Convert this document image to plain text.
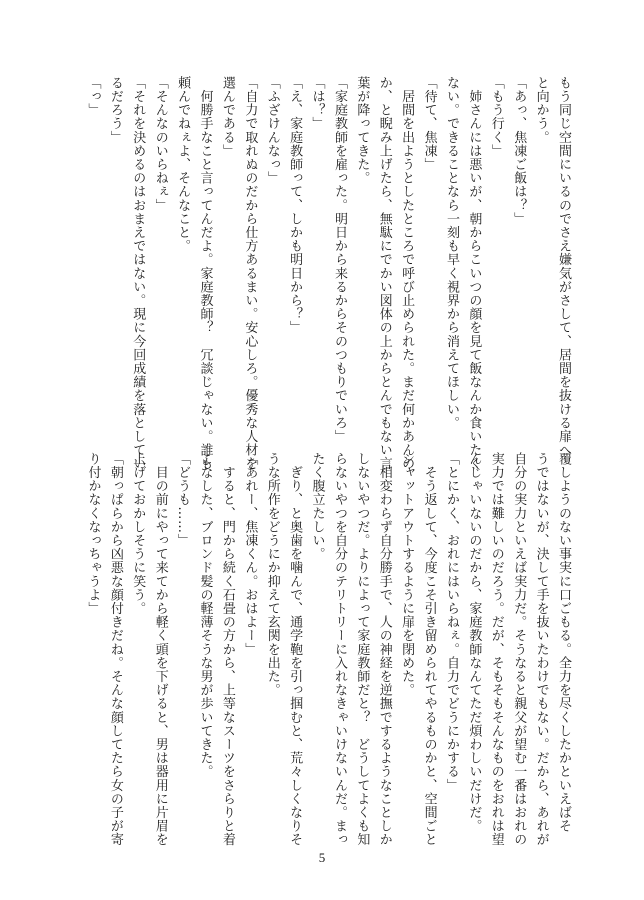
もう同じ空間にいるのでさえ嫌気がさして、居間を抜ける扉へ
と向かう。
「あっ、焦凍ご飯は？」
「もう行く」
　姉さんには悪いが、朝からこいつの顔を見て飯なんか食いたく
ない。できることなら一刻も早く視界から消えてほしい。
「待て、焦凍」
　居間を出ようとしたところで呼び止められた。まだ何かあんの
か、と睨み上げたら、無駄にでかい図体の上からとんでもない言
葉が降ってきた。
「家庭教師を雇った。明日から来るからそのつもりでいろ」
「は？」
「え、家庭教師って、しかも明日から？」
「ふざけんなっ」
「自力で取れぬのだから仕方あるまい。安心しろ。優秀な人材を
選んである」
　何勝手なこと言ってんだよ。家庭教師？　冗談じゃない。誰も
頼んでねぇよ、そんなこと。
「そんなのいらねぇ」
「それを決めるのはおまえではない。現に今回成績を落としてい
るだろう」
「っ」
覆しようのない事実に口ごもる。全力を尽くしたかといえばそ
うではないが、決して手を抜いたわけでもない。だから、あれが
自分の実力といえば実力だ。そうなると親父が望む一番はおれの
実力では難しいのだろう。だが、そもそもそんなものをおれは望
んじゃいないのだから、家庭教師なんてただ煩わしいだけだ。
「とにかく、おれにはいらねぇ。自力でどうにかする」
　そう返して、今度こそ引き留められてやるものかと、空間ごと
シャットアウトするように扉を閉めた。
　相変わらず自分勝手で、人の神経を逆撫でするようなことしか
しないやつだ。よりによって家庭教師だと？　どうしてよくも知
らないやつを自分のテリトリーに入れなきゃいけないんだ。まっ
たく腹立たしい。
　ぎり、と奥歯を噛んで、通学鞄を引っ掴むと、荒々しくなりそ
うな所作をどうにか抑えて玄関を出た。
「あれー、焦凍くん。おはよー」
　すると、門から続く石畳の方から、上等なスーツをさらりと着
こなした、ブロンド髪の軽薄そうな男が歩いてきた。
「どうも……」
　目の前にやって来てから軽く頭を下げると、男は器用に片眉を
上げておかしそうに笑う。
「朝っぱらから凶悪な顔付きだね。そんな顔してたら女の子が寄
り付かなくなっちゃうよ」
5
